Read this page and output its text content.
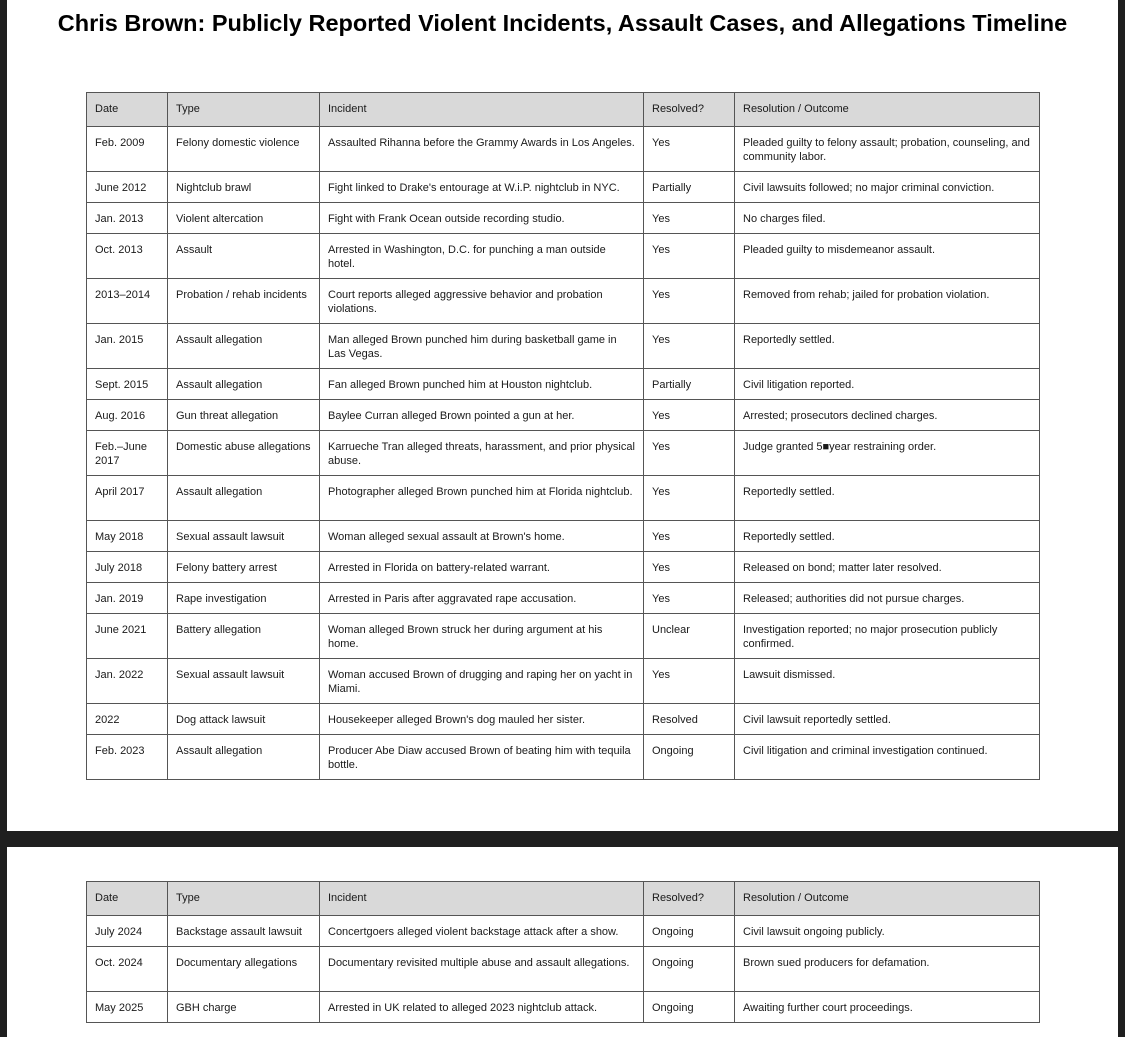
Chris Brown: Publicly Reported Violent Incidents, Assault Cases, and Allegations Timeline
Date	Type	Incident	Resolved?	Resolution / Outcome
Feb. 2009	Felony domestic violence	Assaulted Rihanna before the Grammy Awards in Los Angeles.	Yes	Pleaded guilty to felony assault; probation, counseling, and community labor.
June 2012	Nightclub brawl	Fight linked to Drake's entourage at W.i.P. nightclub in NYC.	Partially	Civil lawsuits followed; no major criminal conviction.
Jan. 2013	Violent altercation	Fight with Frank Ocean outside recording studio.	Yes	No charges filed.
Oct. 2013	Assault	Arrested in Washington, D.C. for punching a man outside hotel.	Yes	Pleaded guilty to misdemeanor assault.
2013–2014	Probation / rehab incidents	Court reports alleged aggressive behavior and probation violations.	Yes	Removed from rehab; jailed for probation violation.
Jan. 2015	Assault allegation	Man alleged Brown punched him during basketball game in Las Vegas.	Yes	Reportedly settled.
Sept. 2015	Assault allegation	Fan alleged Brown punched him at Houston nightclub.	Partially	Civil litigation reported.
Aug. 2016	Gun threat allegation	Baylee Curran alleged Brown pointed a gun at her.	Yes	Arrested; prosecutors declined charges.
Feb.–June 2017	Domestic abuse allegations	Karrueche Tran alleged threats, harassment, and prior physical abuse.	Yes	Judge granted 5■year restraining order.
April 2017	Assault allegation	Photographer alleged Brown punched him at Florida nightclub.	Yes	Reportedly settled.
May 2018	Sexual assault lawsuit	Woman alleged sexual assault at Brown's home.	Yes	Reportedly settled.
July 2018	Felony battery arrest	Arrested in Florida on battery-related warrant.	Yes	Released on bond; matter later resolved.
Jan. 2019	Rape investigation	Arrested in Paris after aggravated rape accusation.	Yes	Released; authorities did not pursue charges.
June 2021	Battery allegation	Woman alleged Brown struck her during argument at his home.	Unclear	Investigation reported; no major prosecution publicly confirmed.
Jan. 2022	Sexual assault lawsuit	Woman accused Brown of drugging and raping her on yacht in Miami.	Yes	Lawsuit dismissed.
2022	Dog attack lawsuit	Housekeeper alleged Brown's dog mauled her sister.	Resolved	Civil lawsuit reportedly settled.
Feb. 2023	Assault allegation	Producer Abe Diaw accused Brown of beating him with tequila bottle.	Ongoing	Civil litigation and criminal investigation continued.
Date	Type	Incident	Resolved?	Resolution / Outcome
July 2024	Backstage assault lawsuit	Concertgoers alleged violent backstage attack after a show.	Ongoing	Civil lawsuit ongoing publicly.
Oct. 2024	Documentary allegations	Documentary revisited multiple abuse and assault allegations.	Ongoing	Brown sued producers for defamation.
May 2025	GBH charge	Arrested in UK related to alleged 2023 nightclub attack.	Ongoing	Awaiting further court proceedings.
